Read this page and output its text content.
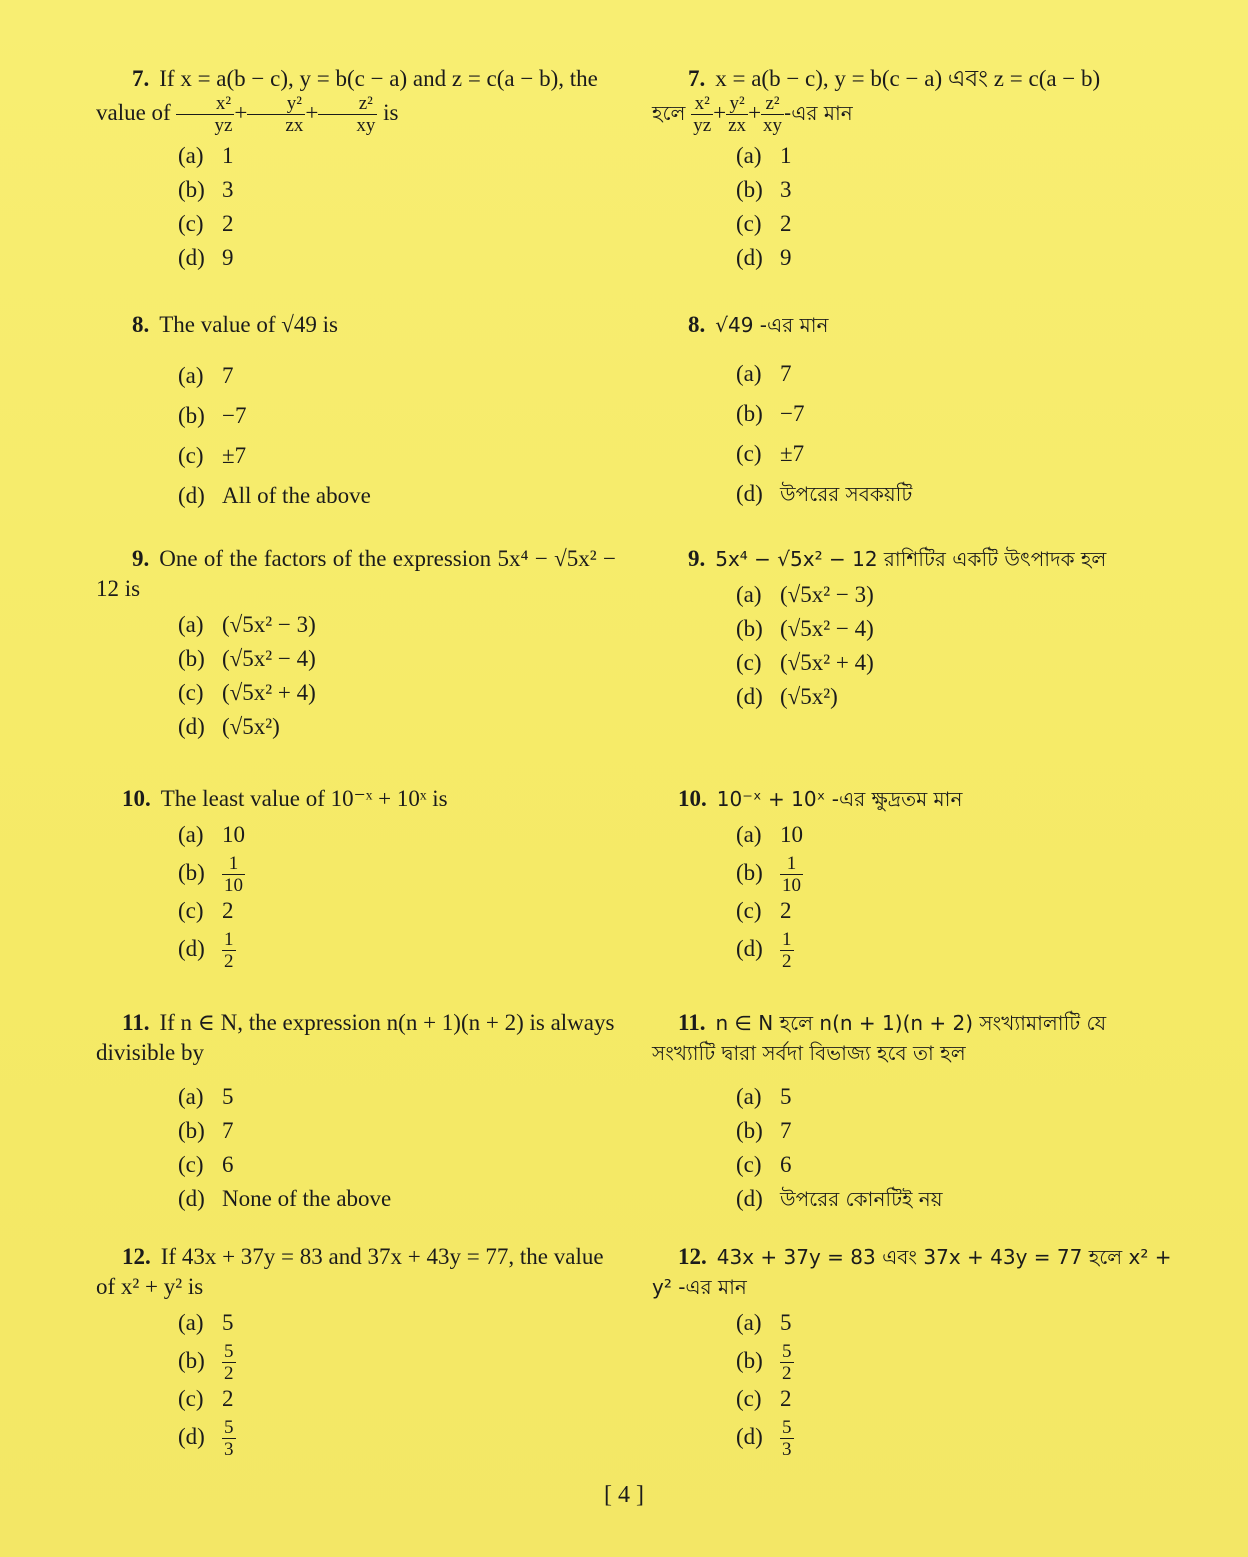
7. If x = a(b − c), y = b(c − a) and z = c(a − b), the value of $\frac{\text{x²}}{yz} + \frac{\text{y²}}{zx} + \frac{\text{z²}}{xy}$ is
(a) 1
(b) 3
(c) 2
(d) 9
8. The value of √49 is
(a) 7
(b) −7
(c) ±7
(d) All of the above
9. One of the factors of the expression 5x⁴ − √5x² − 12 is
(a) (√5x² − 3)
(b) (√5x² − 4)
(c) (√5x² + 4)
(d) (√5x²)
10. The least value of 10⁻ˣ + 10ˣ is
(a) 10
$(b) \frac{1}{10}$
(c) 2
$(d) \frac{1}{2}$
11. If n ∈ N, the expression n(n + 1)(n + 2) is always divisible by
(a) 5
(b) 7
(c) 6
(d) None of the above
12. If 43x + 37y = 83 and 37x + 43y = 77, the value of x² + y² is
(a) 5
$(b) \frac{5}{2}$
(c) 2
$(d) \frac{5}{3}$
7. x = a(b − c), y = b(c − a) এবং z = c(a − b)
হলে $\frac{\text{x²}}{yz} + \frac{\text{y²}}{zx} + \frac{\text{z²}}{xy}$ -এর মান
(a) 1
(b) 3
(c) 2
(d) 9
8. √49 -এর মান
(a) 7
(b) −7
(c) ±7
(d) উপরের সবকয়টি
9. 5x⁴ − √5x² − 12 রাশিটির একটি উৎপাদক হল
(a) (√5x² − 3)
(b) (√5x² − 4)
(c) (√5x² + 4)
(d) (√5x²)
10. 10⁻ˣ + 10ˣ -এর ক্ষুদ্রতম মান
(a) 10
$(b) \frac{1}{10}$
(c) 2
$(d) \frac{1}{2}$
11. n ∈ N হলে n(n + 1)(n + 2) সংখ্যামালাটি যে সংখ্যাটি দ্বারা সর্বদা বিভাজ্য হবে তা হল
(a) 5
(b) 7
(c) 6
(d) উপরের কোনটিই নয়
12. 43x + 37y = 83 এবং 37x + 43y = 77 হলে x² + y² -এর মান
(a) 5
$(b) \frac{5}{2}$
(c) 2
$(d) \frac{5}{3}$
[ 4 ]
